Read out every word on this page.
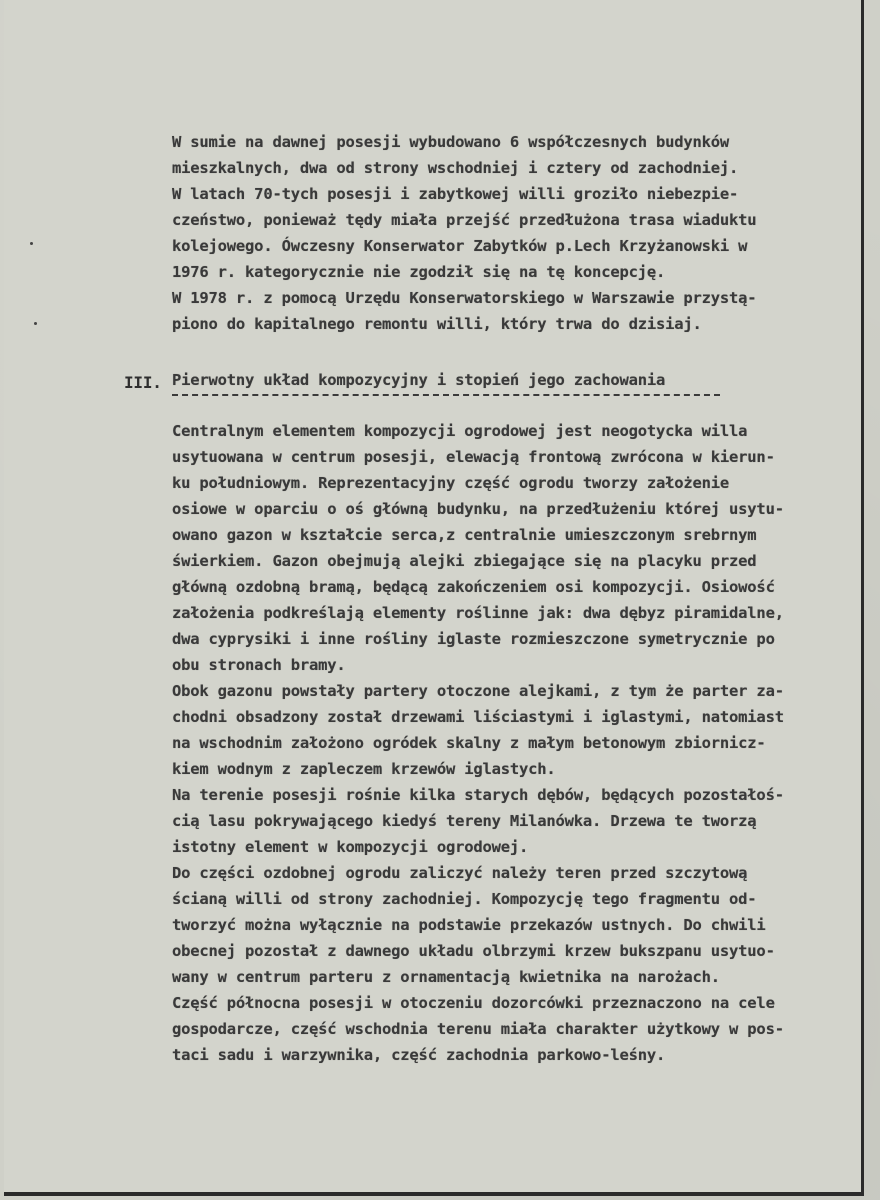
W sumie na dawnej posesji wybudowano 6 współczesnych budynków
mieszkalnych, dwa od strony wschodniej i cztery od zachodniej.
W latach 70-tych posesji i zabytkowej willi groziło niebezpie-
czeństwo, ponieważ tędy miała przejść przedłużona trasa wiaduktu
kolejowego. Ówczesny Konserwator Zabytków p.Lech Krzyżanowski w
1976 r. kategorycznie nie zgodził się na tę koncepcję.
W 1978 r. z pomocą Urzędu Konserwatorskiego w Warszawie przystą-
piono do kapitalnego remontu willi, który trwa do dzisiaj.
III. Pierwotny układ kompozycyjny i stopień jego zachowania
Centralnym elementem kompozycji ogrodowej jest neogotycka willa
usytuowana w centrum posesji, elewacją frontową zwrócona w kierun-
ku południowym. Reprezentacyjny część ogrodu tworzy założenie
osiowe w oparciu o oś główną budynku, na przedłużeniu której usytu-
owano gazon w kształcie serca,z centralnie umieszczonym srebrnym
świerkiem. Gazon obejmują alejki zbiegające się na placyku przed
główną ozdobną bramą, będącą zakończeniem osi kompozycji. Osiowość
założenia podkreślają elementy roślinne jak: dwa dębyz piramidalne,
dwa cyprysiki i inne rośliny iglaste rozmieszczone symetrycznie po
obu stronach bramy.
Obok gazonu powstały partery otoczone alejkami, z tym że parter za-
chodni obsadzony został drzewami liściastymi i iglastymi, natomiast
na wschodnim założono ogródek skalny z małym betonowym zbiornicz-
kiem wodnym z zapleczem krzewów iglastych.
Na terenie posesji rośnie kilka starych dębów, będących pozostałoś-
cią lasu pokrywającego kiedyś tereny Milanówka. Drzewa te tworzą
istotny element w kompozycji ogrodowej.
Do części ozdobnej ogrodu zaliczyć należy teren przed szczytową
ścianą willi od strony zachodniej. Kompozycję tego fragmentu od-
tworzyć można wyłącznie na podstawie przekazów ustnych. Do chwili
obecnej pozostał z dawnego układu olbrzymi krzew bukszpanu usytuo-
wany w centrum parteru z ornamentacją kwietnika na narożach.
Część północna posesji w otoczeniu dozorcówki przeznaczono na cele
gospodarcze, część wschodnia terenu miała charakter użytkowy w pos-
taci sadu i warzywnika, część zachodnia parkowo-leśny.
